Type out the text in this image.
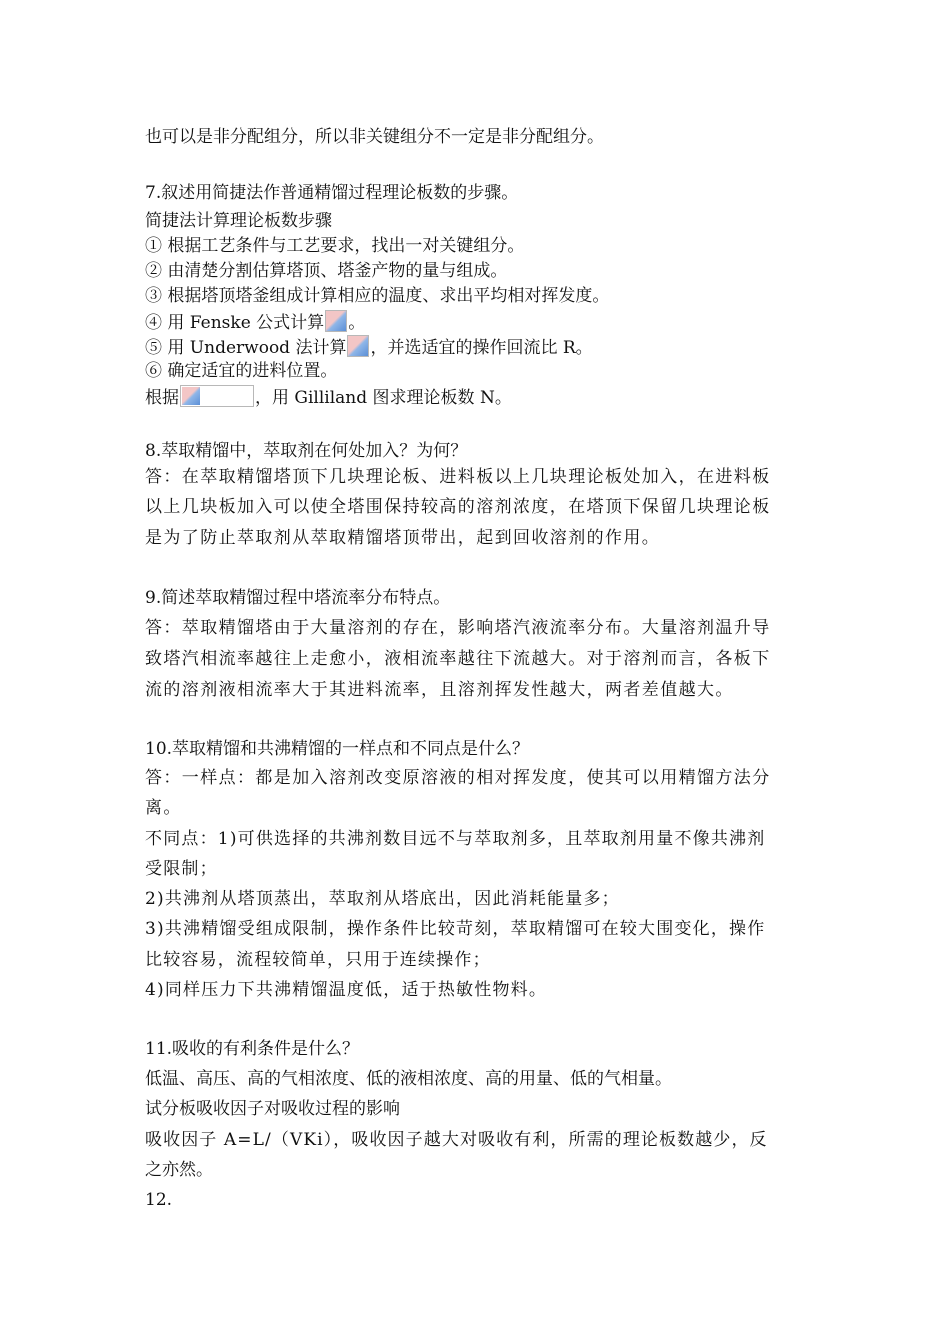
也可以是非分配组分，所以非关键组分不一定是非分配组分。
7.叙述用简捷法作普通精馏过程理论板数的步骤。
简捷法计算理论板数步骤
① 根据工艺条件与工艺要求，找出一对关键组分。
② 由清楚分割估算塔顶、塔釜产物的量与组成。
③ 根据塔顶塔釜组成计算相应的温度、求出平均相对挥发度。
④ 用 Fenske 公式计算 。
⑤ 用 Underwood 法计算 ，并选适宜的操作回流比 R。
⑥ 确定适宜的进料位置。
根据	，用 Gilliland 图求理论板数 N。
8.萃取精馏中，萃取剂在何处加入？为何？
答：在萃取精馏塔顶下几块理论板、进料板以上几块理论板处加入，在进料板
以上几块板加入可以使全塔围保持较高的溶剂浓度，在塔顶下保留几块理论板
是为了防止萃取剂从萃取精馏塔顶带出，起到回收溶剂的作用。
9.简述萃取精馏过程中塔流率分布特点。
答：萃取精馏塔由于大量溶剂的存在，影响塔汽液流率分布。大量溶剂温升导
致塔汽相流率越往上走愈小，液相流率越往下流越大。对于溶剂而言，各板下
流的溶剂液相流率大于其进料流率，且溶剂挥发性越大，两者差值越大。
10.萃取精馏和共沸精馏的一样点和不同点是什么？
答：一样点：都是加入溶剂改变原溶液的相对挥发度，使其可以用精馏方法分
离。
不同点：1)可供选择的共沸剂数目远不与萃取剂多，且萃取剂用量不像共沸剂
受限制；
2)共沸剂从塔顶蒸出，萃取剂从塔底出，因此消耗能量多；
3)共沸精馏受组成限制，操作条件比较苛刻，萃取精馏可在较大围变化，操作
比较容易，流程较简单，只用于连续操作；
4)同样压力下共沸精馏温度低，适于热敏性物料。
11.吸收的有利条件是什么？
低温、高压、高的气相浓度、低的液相浓度、高的用量、低的气相量。
试分板吸收因子对吸收过程的影响
吸收因子 A=L/（VKi），吸收因子越大对吸收有利，所需的理论板数越少，反
之亦然。
12.
